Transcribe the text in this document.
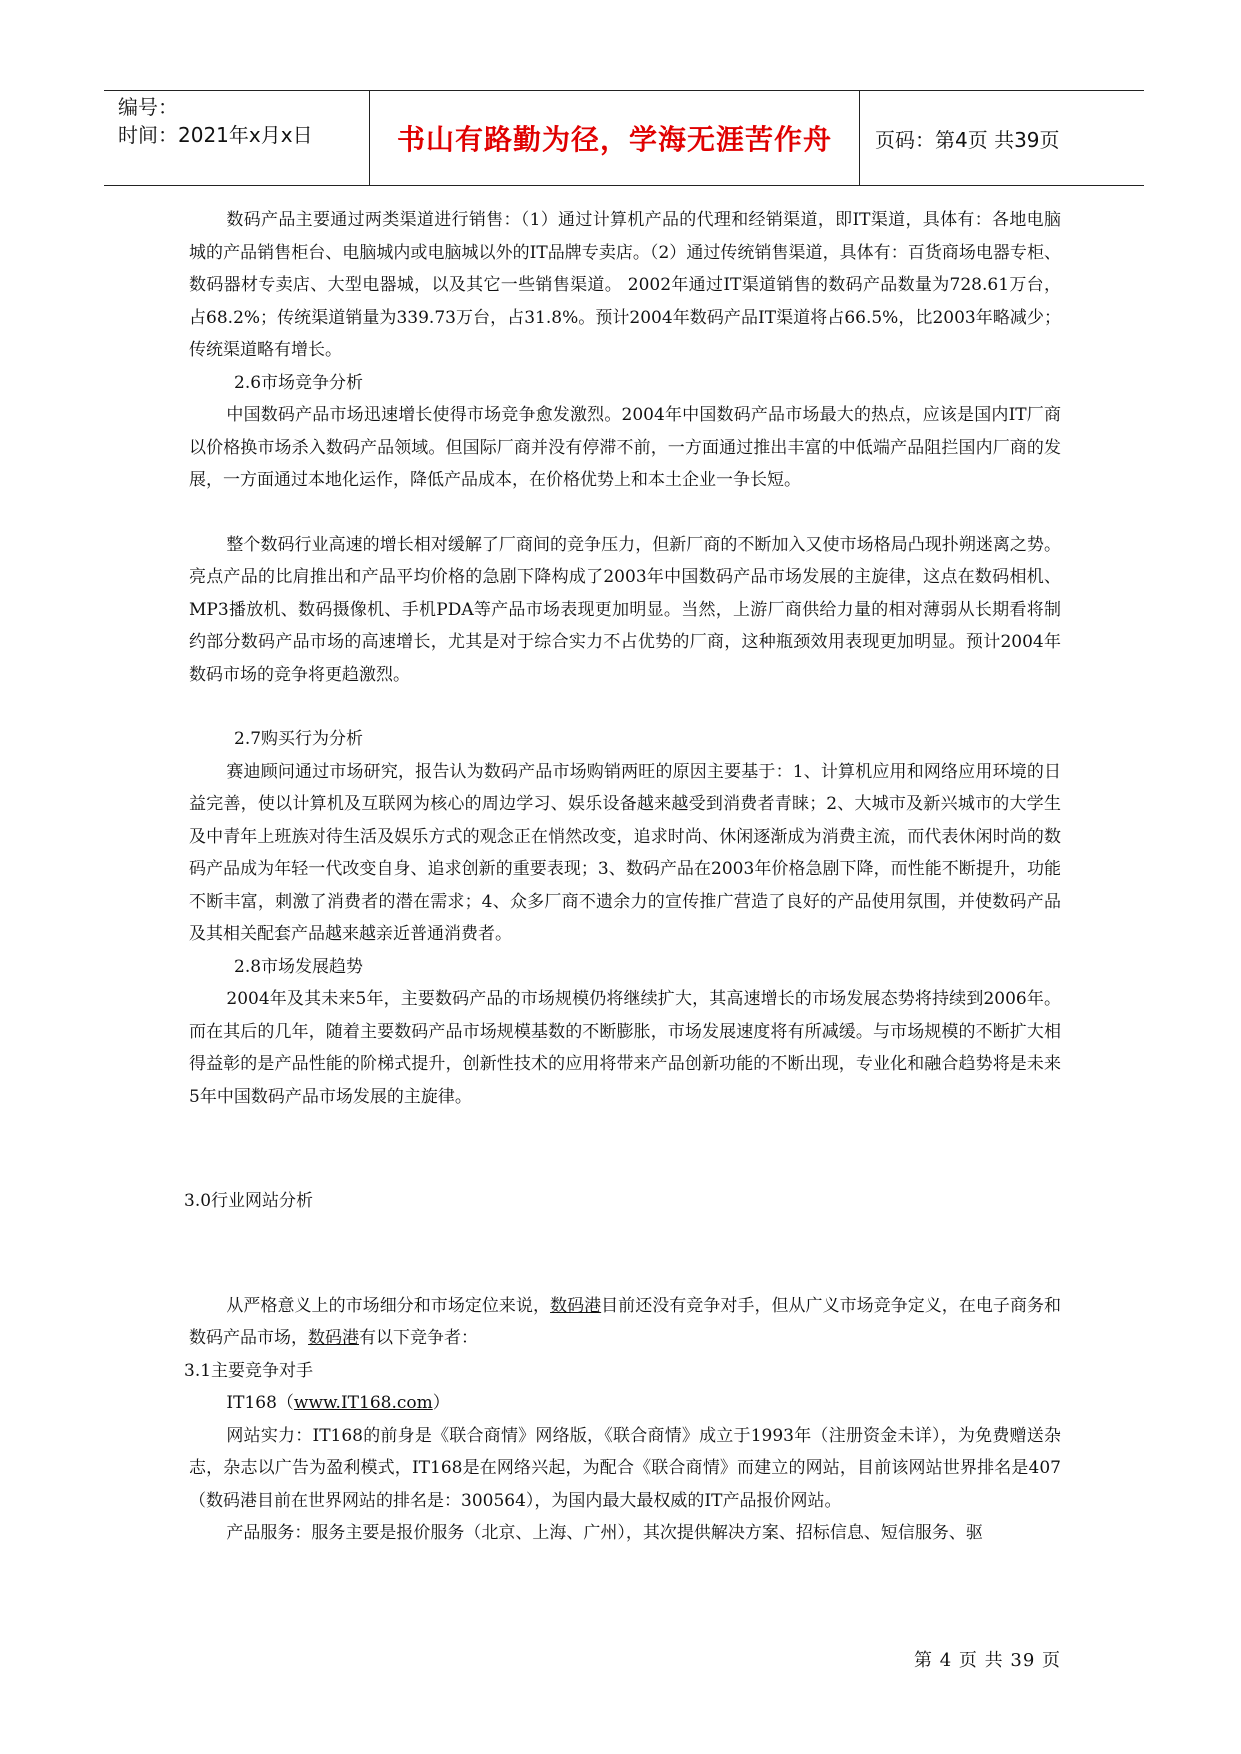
编号：
时间：2021年x月x日	书山有路勤为径，学海无涯苦作舟 页码：第4页 共39页

数码产品主要通过两类渠道进行销售：（1）通过计算机产品的代理和经销渠道，即IT渠道，具体有：各地电脑城的产品销售柜台、电脑城内或电脑城以外的IT品牌专卖店。（2）通过传统销售渠道，具体有：百货商场电器专柜、数码器材专卖店、大型电器城，以及其它一些销售渠道。 2002年通过IT渠道销售的数码产品数量为728.61万台，占68.2%；传统渠道销量为339.73万台，占31.8%。预计2004年数码产品IT渠道将占66.5%，比2003年略减少；传统渠道略有增长。

2.6市场竞争分析

中国数码产品市场迅速增长使得市场竞争愈发激烈。2004年中国数码产品市场最大的热点，应该是国内IT厂商以价格换市场杀入数码产品领域。但国际厂商并没有停滞不前，一方面通过推出丰富的中低端产品阻拦国内厂商的发展，一方面通过本地化运作，降低产品成本，在价格优势上和本土企业一争长短。

整个数码行业高速的增长相对缓解了厂商间的竞争压力，但新厂商的不断加入又使市场格局凸现扑朔迷离之势。亮点产品的比肩推出和产品平均价格的急剧下降构成了2003年中国数码产品市场发展的主旋律，这点在数码相机、MP3播放机、数码摄像机、手机PDA等产品市场表现更加明显。当然，上游厂商供给力量的相对薄弱从长期看将制约部分数码产品市场的高速增长，尤其是对于综合实力不占优势的厂商，这种瓶颈效用表现更加明显。预计2004年数码市场的竞争将更趋激烈。

2.7购买行为分析

赛迪顾问通过市场研究，报告认为数码产品市场购销两旺的原因主要基于：1、计算机应用和网络应用环境的日益完善，使以计算机及互联网为核心的周边学习、娱乐设备越来越受到消费者青睐；2、大城市及新兴城市的大学生及中青年上班族对待生活及娱乐方式的观念正在悄然改变，追求时尚、休闲逐渐成为消费主流，而代表休闲时尚的数码产品成为年轻一代改变自身、追求创新的重要表现；3、数码产品在2003年价格急剧下降，而性能不断提升，功能不断丰富，刺激了消费者的潜在需求；4、众多厂商不遗余力的宣传推广营造了良好的产品使用氛围，并使数码产品及其相关配套产品越来越亲近普通消费者。

2.8市场发展趋势

2004年及其未来5年，主要数码产品的市场规模仍将继续扩大，其高速增长的市场发展态势将持续到2006年。而在其后的几年，随着主要数码产品市场规模基数的不断膨胀，市场发展速度将有所减缓。与市场规模的不断扩大相得益彰的是产品性能的阶梯式提升，创新性技术的应用将带来产品创新功能的不断出现，专业化和融合趋势将是未来5年中国数码产品市场发展的主旋律。

3.0行业网站分析

从严格意义上的市场细分和市场定位来说，数码港目前还没有竞争对手，但从广义市场竞争定义，在电子商务和数码产品市场，数码港有以下竞争者：

3.1主要竞争对手

IT168（www.IT168.com）

网站实力：IT168的前身是《联合商情》网络版，《联合商情》成立于1993年（注册资金未详），为免费赠送杂志，杂志以广告为盈利模式，IT168是在网络兴起，为配合《联合商情》而建立的网站，目前该网站世界排名是407（数码港目前在世界网站的排名是：300564），为国内最大最权威的IT产品报价网站。

产品服务：服务主要是报价服务（北京、上海、广州），其次提供解决方案、招标信息、短信服务、驱

第 4 页 共 39 页
